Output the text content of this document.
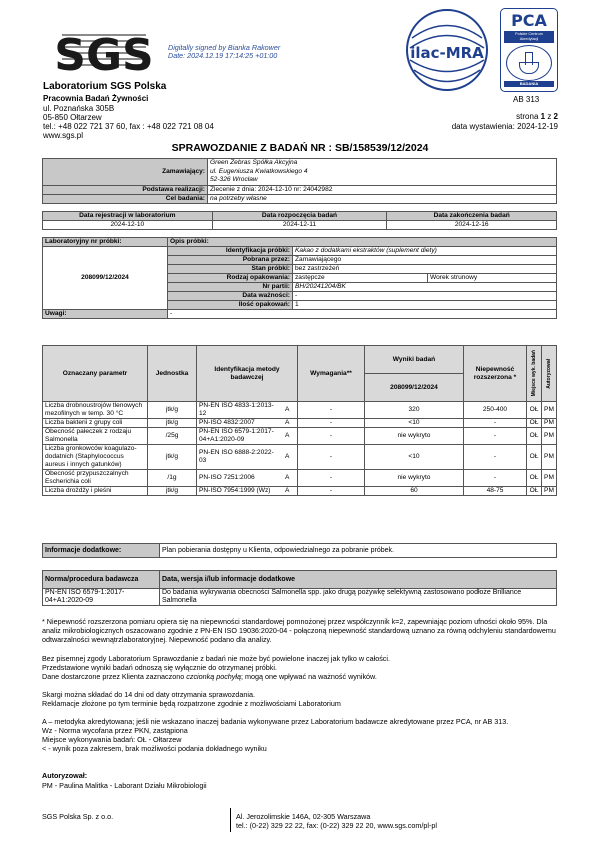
SGS Digitally signed by Bianka Rakower
Date: 2024.12.19 17:14:25 +01:00	ilac-MRA
PCA
Polskie Centrum
Akredytacji
BADANIA
AB 313
Laboratorium SGS Polska
Pracownia Badań Żywności
ul. Poznańska 305B
05-850 Ołtarzew
tel.: +48 022 721 37 60, fax : +48 022 721 08 04
www.sgs.pl
strona 1 z 2
data wystawienia: 2024-12-19
SPRAWOZDANIE Z BADAŃ NR : SB/158539/12/2024
Zamawiający:	Green Zebras Spółka Akcyjna
ul. Eugeniusza Kwiatkowskiego 4
52-326 Wrocław

Podstawa realizacji:	Zlecenie z dnia: 2024-12-10 nr: 24042982
Cel badania:	na potrzeby własne
Data rejestracji w laboratorium	Data rozpoczęcia badań	Data zakończenia badań
2024-12-10	2024-12-11	2024-12-16
Laboratoryjny nr próbki:	Opis próbki:		
208099/12/2024	Identyfikacja próbki:	Kakao z dodatkami ekstraktów (suplement diety)	
	Pobrana przez:	Zamawiającego	
	Stan próbki:	bez zastrzeżeń	
	Rodzaj opakowania:	zastępcze	Worek strunowy
	Nr partii:	BH/20241204/BK	
	Data ważności:	-	
	Ilość opakowań:	1	
Uwagi:	-		
Oznaczany parametr	Jednostka	Identyfikacja metody badawczej		Wymagania**	Wyniki badań	Niepewność rozszerzona *	Miejsce wyk. badań	Autoryzował

					208099/12/2024			
Liczba drobnoustrojów tlenowych mezofilnych w temp. 30 °C	jtk/g	PN-EN ISO 4833-1:2013-12	A	-	320	250-400	OŁ	PM
Liczba bakterii z grupy coli	jtk/g	PN-ISO 4832:2007	A	-	<10	-	OŁ	PM
Obecność pałeczek z rodzaju Salmonella	/25g	PN-EN ISO 6579-1:2017-04+A1:2020-09	A	-	nie wykryto	-	OŁ	PM
Liczba gronkowców koagulazo-dodatnich (Staphylococcus aureus i innych gatunków)	jtk/g	PN-EN ISO 6888-2:2022-03	A	-	<10	-	OŁ	PM
Obecność przypuszczalnych Escherichia coli	/1g	PN-ISO 7251:2006	A	-	nie wykryto	-	OŁ	PM
Liczba drożdży i pleśni	jtk/g	PN-ISO 7954:1999 (Wz)	A	-	60	48-75	OŁ	PM
Informacje dodatkowe:	Plan pobierania dostępny u Klienta, odpowiedzialnego za pobranie próbek.
Norma/procedura badawcza	Data, wersja i/lub informacje dodatkowe
PN-EN ISO 6579-1:2017-04+A1:2020-09	Do badania wykrywania obecności Salmonella spp. jako drugą pożywkę selektywną zastosowano podłoże Brilliance Salmonella
* Niepewność rozszerzona pomiaru opiera się na niepewności standardowej pomnożonej przez współczynnik k=2, zapewniając poziom ufności około 95%. Dla analiz mikrobiologicznych oszacowano zgodnie z PN-EN ISO 19036:2020-04 - połączoną niepewność standardową uznano za równą odchyleniu standardowemu odtwarzalności wewnątrzlaboratoryjnej. Niepewność podano dla analizy.
Bez pisemnej zgody Laboratorium Sprawozdanie z badań nie może być powielone inaczej jak tylko w całości.
Przedstawione wyniki badań odnoszą się wyłącznie do otrzymanej próbki.
Dane dostarczone przez Klienta zaznaczono czcionką pochyłą; mogą one wpływać na ważność wyników.
Skargi można składać do 14 dni od daty otrzymania sprawozdania.
Reklamacje złożone po tym terminie będą rozpatrzone zgodnie z możliwościami Laboratorium
A – metodyka akredytowana; jeśli nie wskazano inaczej badania wykonywane przez Laboratorium badawcze akredytowane przez PCA, nr AB 313.
Wz - Norma wycofana przez PKN, zastąpiona
Miejsce wykonywania badań: OŁ - Ołtarzew
< - wynik poza zakresem, brak możliwości podania dokładnego wyniku
Autoryzował:
PM - Paulina Malitka - Laborant Działu Mikrobiologii
SGS Polska Sp. z o.o.	Al. Jerozolimskie 146A, 02-305 Warszawa
tel.: (0-22) 329 22 22, fax: (0-22) 329 22 20, www.sgs.com/pl-pl
